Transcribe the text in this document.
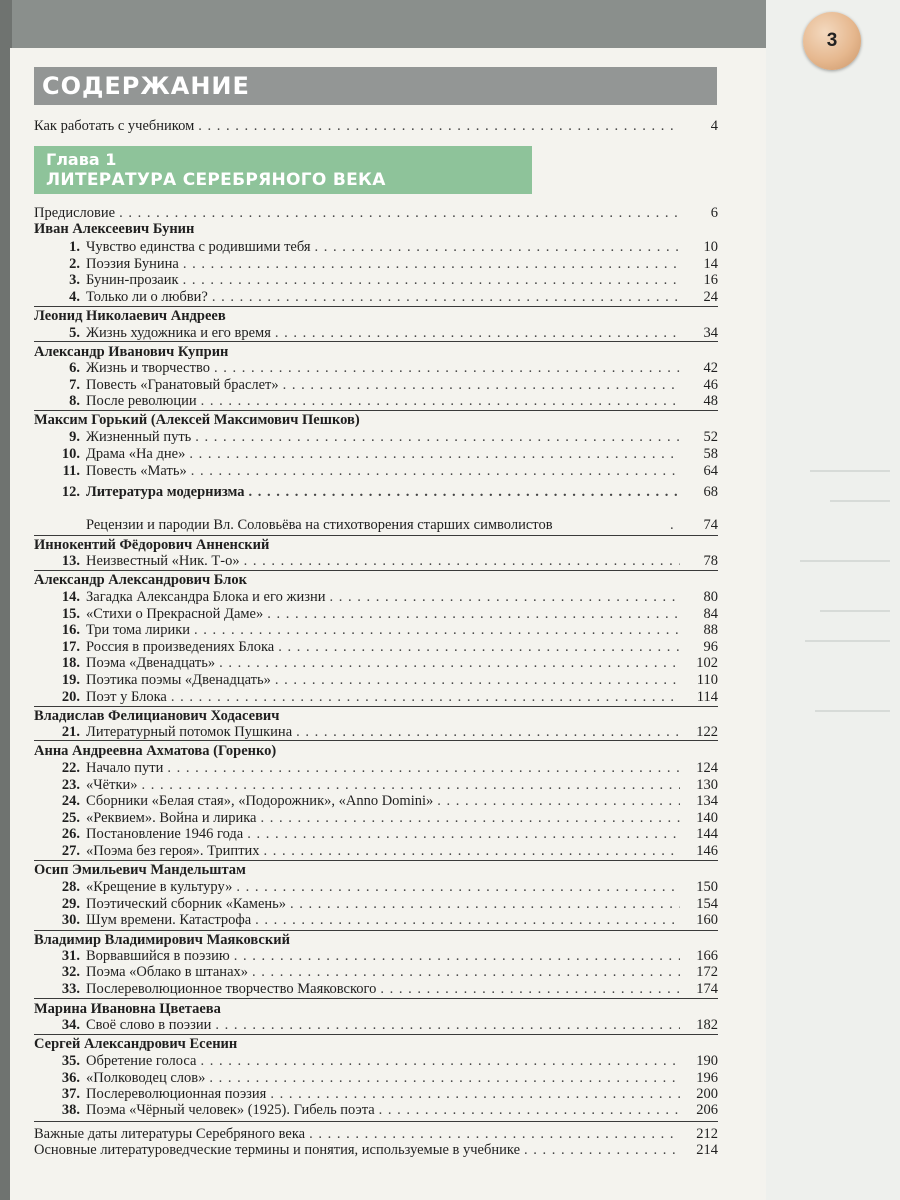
3
СОДЕРЖАНИЕ
Как работать с учебником . . .	4
Глава 1
ЛИТЕРАТУРА СЕРЕБРЯНОГО ВЕКА
Предисловие . . .	6
Иван Алексеевич Бунин
Леонид Николаевич Андреев
Александр Иванович Куприн
Максим Горький (Алексей Максимович Пешков)
Иннокентий Фёдорович Анненский
Александр Александрович Блок
Владислав Фелицианович Ходасевич
Анна Андреевна Ахматова (Горенко)
Осип Эмильевич Мандельштам
Владимир Владимирович Маяковский
Марина Ивановна Цветаева
Сергей Александрович Есенин
1. Чувство единства с родившими тебя . . .	10
2. Поэзия Бунина . . .	14
3. Бунин-прозаик . . .	16
4. Только ли о любви? . . .	24
5. Жизнь художника и его время . . .	34
6. Жизнь и творчество . . .	42
7. Повесть «Гранатовый браслет» . . .	46
8. После революции . . .	48
9. Жизненный путь . . .	52
10. Драма «На дне» . . .	58
11. Повесть «Мать» . . .	64
12. Литература модернизма . . .	68
Рецензии и пародии Вл. Соловьёва на стихотворения старших символистов . . .	74
13. Неизвестный «Ник. Т-о» . . .	78
14. Загадка Александра Блока и его жизни . . .	80
15. «Стихи о Прекрасной Даме» . . .	84
16. Три тома лирики . . .	88
17. Россия в произведениях Блока . . .	96
18. Поэма «Двенадцать» . . .	102
19. Поэтика поэмы «Двенадцать» . . .	110
20. Поэт у Блока . . .	114
21. Литературный потомок Пушкина . . .	122
22. Начало пути . . .	124
23. «Чётки» . . .	130
24. Сборники «Белая стая», «Подорожник», «Anno Domini» . . .	134
25. «Реквием». Война и лирика . . .	140
26. Постановление 1946 года . . .	144
27. «Поэма без героя». Триптих . . .	146
28. «Крещение в культуру» . . .	150
29. Поэтический сборник «Камень» . . .	154
30. Шум времени. Катастрофа . . .	160
31. Ворвавшийся в поэзию . . .	166
32. Поэма «Облако в штанах» . . .	172
33. Послереволюционное творчество Маяковского . . .	174
34. Своё слово в поэзии . . .	182
35. Обретение голоса . . .	190
36. «Полководец слов» . . .	196
37. Послереволюционная поэзия . . .	200
38. Поэма «Чёрный человек» (1925). Гибель поэта . . .	206
Важные даты литературы Серебряного века . . .	212
Основные литературоведческие термины и понятия, используемые в учебнике . . .	214
